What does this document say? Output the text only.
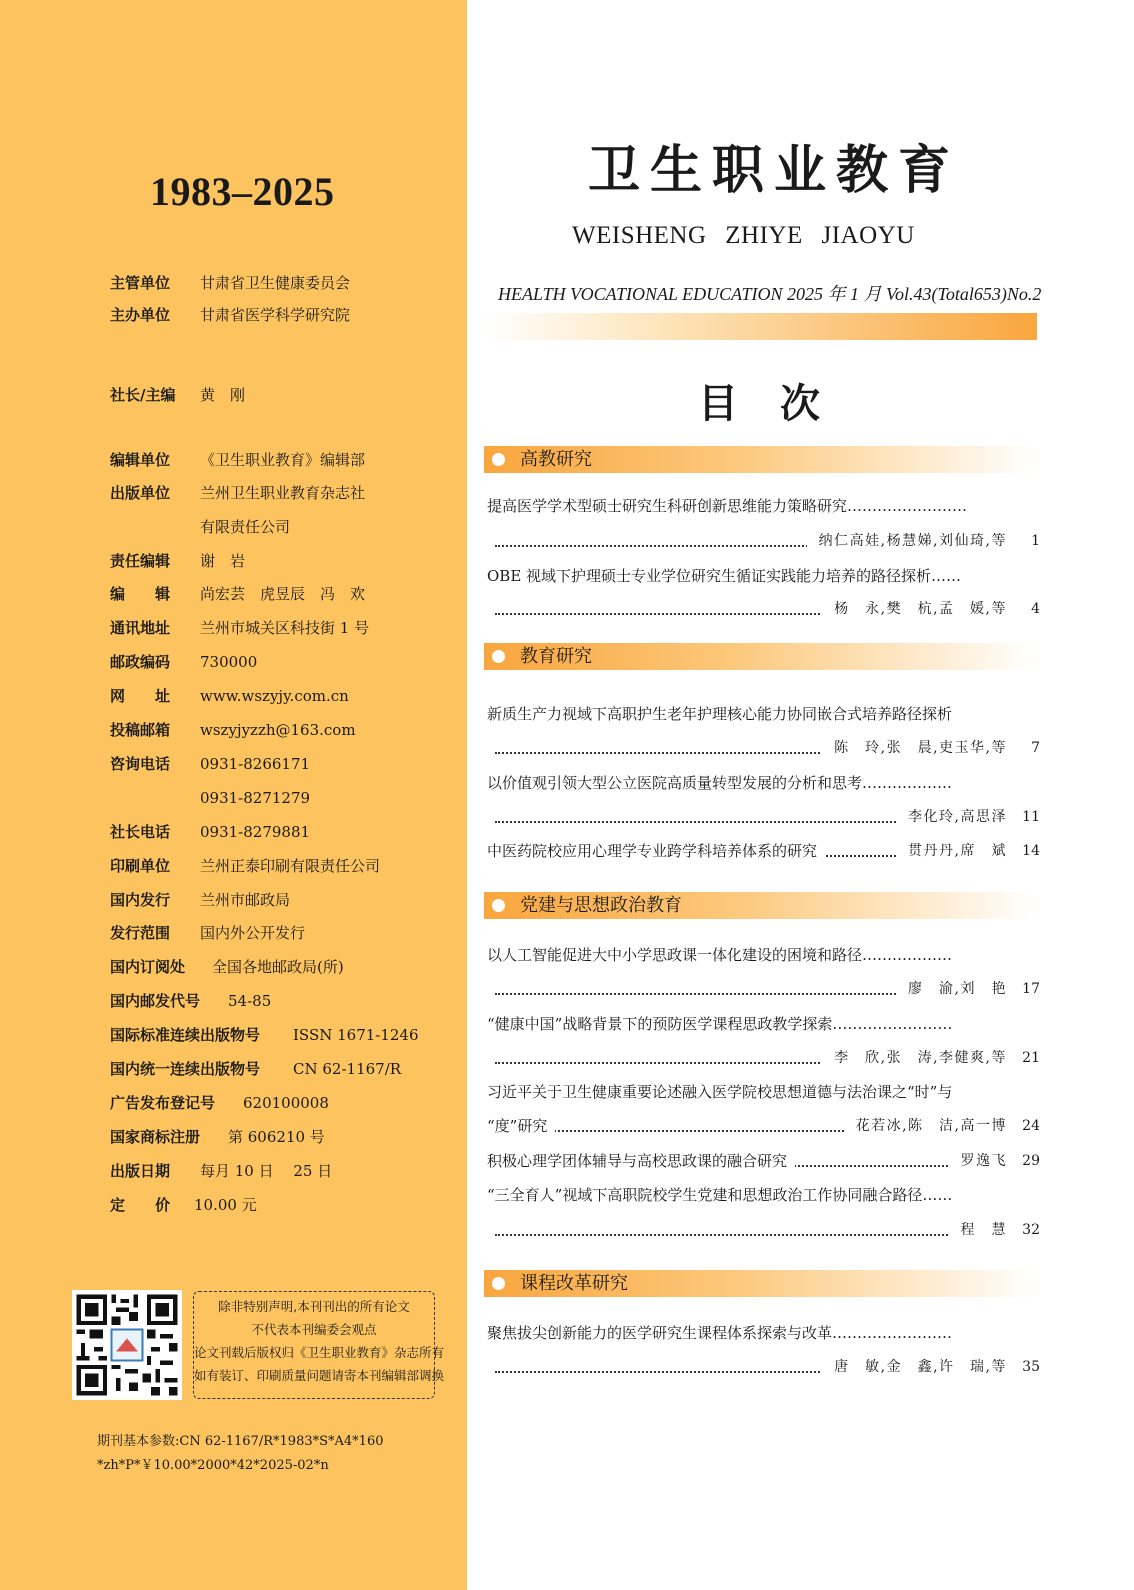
1983–2025
主管单位 甘肃省卫生健康委员会
主办单位 甘肃省医学科学研究院
社长/主编 黄　刚
编辑单位 《卫生职业教育》编辑部
出版单位 兰州卫生职业教育杂志社
有限责任公司
责任编辑 谢　岩
编　　辑 尚宏芸　虎昱辰　冯　欢
通讯地址 兰州市城关区科技街 1 号
邮政编码 730000
网　　址 www.wszyjy.com.cn
投稿邮箱 wszyjyzzh@163.com
咨询电话 0931-8266171
0931-8271279
社长电话 0931-8279881
印刷单位 兰州正泰印刷有限责任公司
国内发行 兰州市邮政局
发行范围 国内外公开发行
国内订阅处 全国各地邮政局(所)
国内邮发代号 54-85
国际标准连续出版物号 ISSN 1671-1246
国内统一连续出版物号 CN 62-1167/R
广告发布登记号 620100008
国家商标注册 第 606210 号
出版日期 每月 10 日　 25 日
定　　价 10.00 元
除非特别声明,本刊刊出的所有论文
不代表本刊编委会观点
论文刊载后版权归《卫生职业教育》杂志所有
如有装订、印刷质量问题请寄本刊编辑部调换
期刊基本参数:CN 62-1167/R*1983*S*A4*160
*zh*P*￥10.00*2000*42*2025-02*n
卫生职业教育
WEISHENG ZHIYE JIAOYU
HEALTH VOCATIONAL EDUCATION 2025 年 1 月 Vol.43(Total653)No.2
目次
高教研究
提高医学学术型硕士研究生科研创新思维能力策略研究……………………
纳仁高娃,杨慧娣,刘仙琦,等	1
OBE 视域下护理硕士专业学位研究生循证实践能力培养的路径探析……
杨　永,樊　杭,孟　媛,等	4
教育研究
新质生产力视域下高职护生老年护理核心能力协同嵌合式培养路径探析
陈　玲,张　晨,吏玉华,等	7
以价值观引领大型公立医院高质量转型发展的分析和思考………………
李化玲,高思泽 11
中医药院校应用心理学专业跨学科培养体系的研究	贯丹丹,席　斌 14
党建与思想政治教育
以人工智能促进大中小学思政课一体化建设的困境和路径………………
廖　渝,刘　艳 17
“健康中国”战略背景下的预防医学课程思政教学探索……………………
李　欣,张　涛,李健爽,等 21
习近平关于卫生健康重要论述融入医学院校思想道德与法治课之“时”与
“度”研究	花若冰,陈　洁,高一博 24
积极心理学团体辅导与高校思政课的融合研究	罗逸飞 29
“三全育人”视域下高职院校学生党建和思想政治工作协同融合路径……
程　慧 32
课程改革研究
聚焦拔尖创新能力的医学研究生课程体系探索与改革……………………
唐　敏,金　鑫,许　瑞,等 35
